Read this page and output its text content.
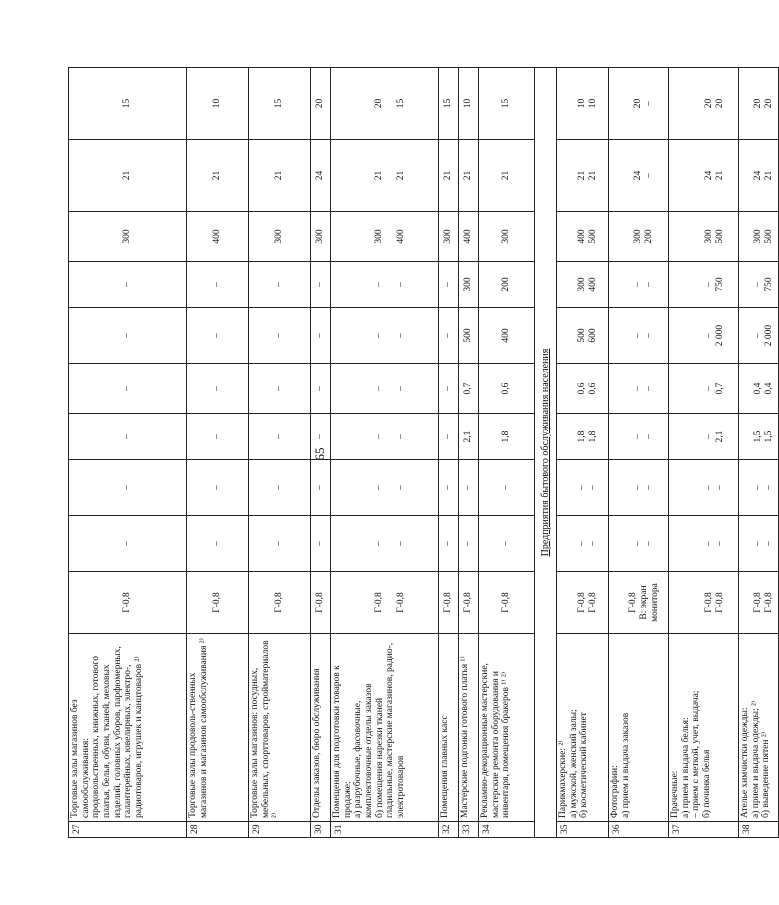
65
27	Торговые залы магазинов без самообслуживания: продовольственных, книжных, готового платья, белья, обуви, тканей, меховых изделий, головных уборов, парфюмерных, галантерейных, ювелирных, электро-, радиотоваров, игрушек и канцтоваров ²⁾	Г-0,8	–	–	–	–	–	–	300	21	15

28	Торговые залы продоволь-ственных магазинов и магазинов самообслуживания ²⁾	Г-0,8	–	–	–	–	–	–	400	21	10

29	Торговые залы магазинов: посудных, мебельных, спорттоваров, стройматериалов ²⁾	Г-0,8	–	–	–	–	–	–	300	21	15

30	Отделы заказов, бюро обслуживания	Г-0,8	–	–	–	–	–	–	300	24	20

31	Помещения для подготовки товаров к продаже: а) разрубочные, фасовочные, комплектовочные отделы заказов б) помещения нарезки тканей гладильные, мастерские магазинов, радио-, электротоваров	Г-0,8 Г-0,8	– –	– –	– –	– –	– –	– –	300 400	21 21	20 15

32	Помещения главных касс	Г-0,8	–	–	–	–	–	–	300	21	15

33	Мастерские подгонки готового платья ¹⁾	Г-0,8	–	–	2,1	0,7	500	300	400	21	10

34	Рекламно-декорационные мастерские, мастерские ремонта оборудования и инвентаря, помещения бракеров ¹⁾ ²⁾	Г-0,8	–	–	1,8	0,6	400	200	300	21	15

Предприятия бытового обслуживания населения											
35	Парикмахерские: ²⁾ а) мужской, женский залы; б) косметический кабинет	Г-0,8 Г-0,8	– –	– –	1,8 1,8	0,6 0,6	500 600	300 400	400 500	21 21	10 10

36	Фотографии: а) прием и выдача заказов	Г-0,8 В: экран монитора	– –	– –	– –	– –	– –	– –	300 200	24 –	20 –

37	Прачечные: а) прием и выдача белья: – прием с меткой, учет, выдача; б) починка белья	Г-0,8 Г-0,8	– –	– –	– 2,1	– 0,7	– 2 000	– 750	300 500	24 21	20 20

38	Ателье химчистки одежды: а) прием и выдача одежды; ²⁾ б) выведение пятен ²⁾	Г-0,8 Г-0,8	– –	– –	1,5 1,5	0,4 0,4	– 2 000	– 750	300 500	24 21	20 20
